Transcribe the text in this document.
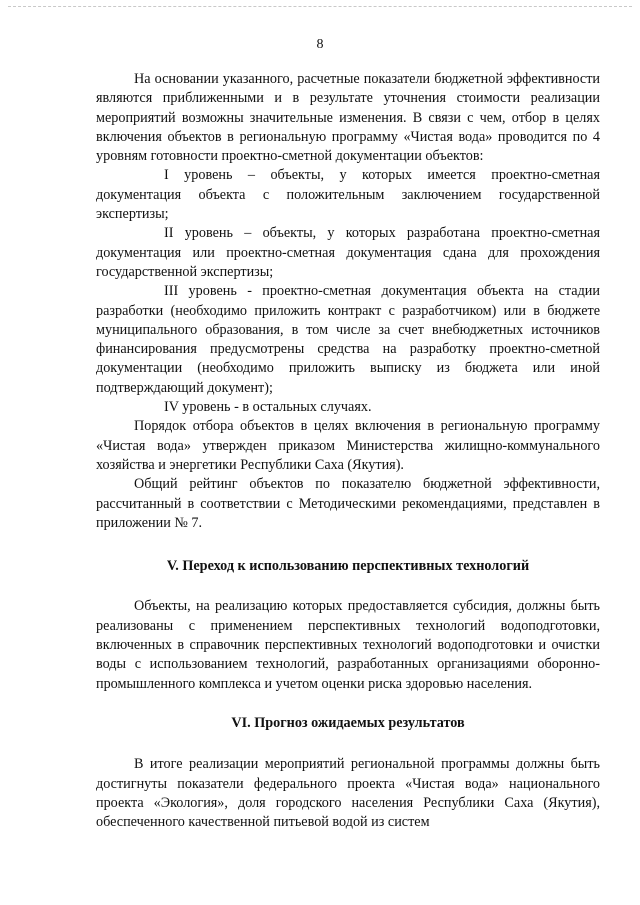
8

На основании указанного, расчетные показатели бюджетной эффективности являются приближенными и в результате уточнения стоимости реализации мероприятий возможны значительные изменения. В связи с чем, отбор в целях включения объектов в региональную программу «Чистая вода» проводится по 4 уровням готовности проектно-сметной документации объектов:

I уровень – объекты, у которых имеется проектно-сметная документация объекта с положительным заключением государственной экспертизы;

II уровень – объекты, у которых разработана проектно-сметная документация или проектно-сметная документация сдана для прохождения государственной экспертизы;

III уровень - проектно-сметная документация объекта на стадии разработки (необходимо приложить контракт с разработчиком) или в бюджете муниципального образования, в том числе за счет внебюджетных источников финансирования предусмотрены средства на разработку проектно-сметной документации (необходимо приложить выписку из бюджета или иной подтверждающий документ);

IV уровень - в остальных случаях.

Порядок отбора объектов в целях включения в региональную программу «Чистая вода» утвержден приказом Министерства жилищно-коммунального хозяйства и энергетики Республики Саха (Якутия).

Общий рейтинг объектов по показателю бюджетной эффективности, рассчитанный в соответствии с Методическими рекомендациями, представлен в приложении № 7.

V. Переход к использованию перспективных технологий

Объекты, на реализацию которых предоставляется субсидия, должны быть реализованы с применением перспективных технологий водоподготовки, включенных в справочник перспективных технологий водоподготовки и очистки воды с использованием технологий, разработанных организациями оборонно-промышленного комплекса и учетом оценки риска здоровью населения.

VI. Прогноз ожидаемых результатов

В итоге реализации мероприятий региональной программы должны быть достигнуты показатели федерального проекта «Чистая вода» национального проекта «Экология», доля городского населения Республики Саха (Якутия), обеспеченного качественной питьевой водой из систем
